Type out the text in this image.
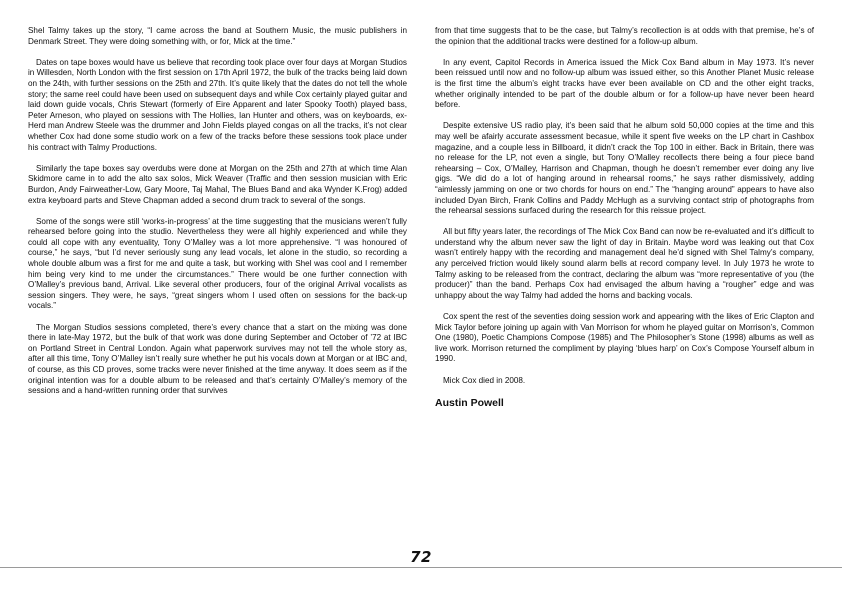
Shel Talmy takes up the story, “I came across the band at Southern Music, the music publishers in Denmark Street. They were doing something with, or for, Mick at the time.”

Dates on tape boxes would have us believe that recording took place over four days at Morgan Studios in Willesden, North London with the first session on 17th April 1972, the bulk of the tracks being laid down on the 24th, with further sessions on the 25th and 27th. It’s quite likely that the dates do not tell the whole story; the same reel could have been used on subsequent days and while Cox certainly played guitar and laid down guide vocals, Chris Stewart (formerly of Eire Apparent and later Spooky Tooth) played bass, Peter Arneson, who played on sessions with The Hollies, Ian Hunter and others, was on keyboards, ex-Herd man Andrew Steele was the drummer and John Fields played congas on all the tracks, it’s not clear whether Cox had done some studio work on a few of the tracks before these sessions took place under his contract with Talmy Productions.

Similarly the tape boxes say overdubs were done at Morgan on the 25th and 27th at which time Alan Skidmore came in to add the alto sax solos, Mick Weaver (Traffic and then session musician with Eric Burdon, Andy Fairweather-Low, Gary Moore, Taj Mahal, The Blues Band and aka Wynder K.Frog) added extra keyboard parts and Steve Chapman added a second drum track to several of the songs.

Some of the songs were still ‘works-in-progress’ at the time suggesting that the musicians weren’t fully rehearsed before going into the studio. Nevertheless they were all highly experienced and while they could all cope with any eventuality, Tony O’Malley was a lot more apprehensive. “I was honoured of course,” he says, “but I’d never seriously sung any lead vocals, let alone in the studio, so recording a whole double album was a first for me and quite a task, but working with Shel was cool and I remember him being very kind to me under the circumstances.” There would be one further connection with O’Malley’s previous band, Arrival. Like several other producers, four of the original Arrival vocalists as session singers. They were, he says, “great singers whom I used often on sessions for the back-up vocals.”

The Morgan Studios sessions completed, there’s every chance that a start on the mixing was done there in late-May 1972, but the bulk of that work was done during September and October of ’72 at IBC on Portland Street in Central London. Again what paperwork survives may not tell the whole story as, after all this time, Tony O’Malley isn’t really sure whether he put his vocals down at Morgan or at IBC and, of course, as this CD proves, some tracks were never finished at the time anyway. It does seem as if the original intention was for a double album to be released and that’s certainly O’Malley’s memory of the sessions and a hand-written running order that survives

from that time suggests that to be the case, but Talmy’s recollection is at odds with that premise, he’s of the opinion that the additional tracks were destined for a follow-up album.

In any event, Capitol Records in America issued the Mick Cox Band album in May 1973. It’s never been reissued until now and no follow-up album was issued either, so this Another Planet Music release is the first time the album’s eight tracks have ever been available on CD and the other eight tracks, whether originally intended to be part of the double album or for a follow-up have never been heard before.

Despite extensive US radio play, it’s been said that he album sold 50,000 copies at the time and this may well be afairly accurate assessment becasue, while it spent five weeks on the LP chart in Cashbox magazine, and a couple less in Billboard, it didn’t crack the Top 100 in either. Back in Britain, there was no release for the LP, not even a single, but Tony O’Malley recollects there being a four piece band rehearsing – Cox, O’Malley, Harrison and Chapman, though he doesn’t remember ever doing any live gigs. “We did do a lot of hanging around in rehearsal rooms,” he says rather dismissively, adding “aimlessly jamming on one or two chords for hours on end.” The “hanging around” appears to have also included Dyan Birch, Frank Collins and Paddy McHugh as a surviving contact strip of photographs from the rehearsal sessions surfaced during the research for this reissue project.

All but fifty years later, the recordings of The Mick Cox Band can now be re-evaluated and it’s difficult to understand why the album never saw the light of day in Britain. Maybe word was leaking out that Cox wasn’t entirely happy with the recording and management deal he’d signed with Shel Talmy’s company, any perceived friction would likely sound alarm bells at record company level. In July 1973 he wrote to Talmy asking to be released from the contract, declaring the album was “more representative of you (the producer)” than the band. Perhaps Cox had envisaged the album having a “rougher” edge and was unhappy about the way Talmy had added the horns and backing vocals.

Cox spent the rest of the seventies doing session work and appearing with the likes of Eric Clapton and Mick Taylor before joining up again with Van Morrison for whom he played guitar on Morrison’s, Common One (1980), Poetic Champions Compose (1985) and The Philosopher’s Stone (1998) albums as well as live work. Morrison returned the compliment by playing ‘blues harp’ on Cox’s Compose Yourself album in 1990.

Mick Cox died in 2008.

Austin Powell
72
